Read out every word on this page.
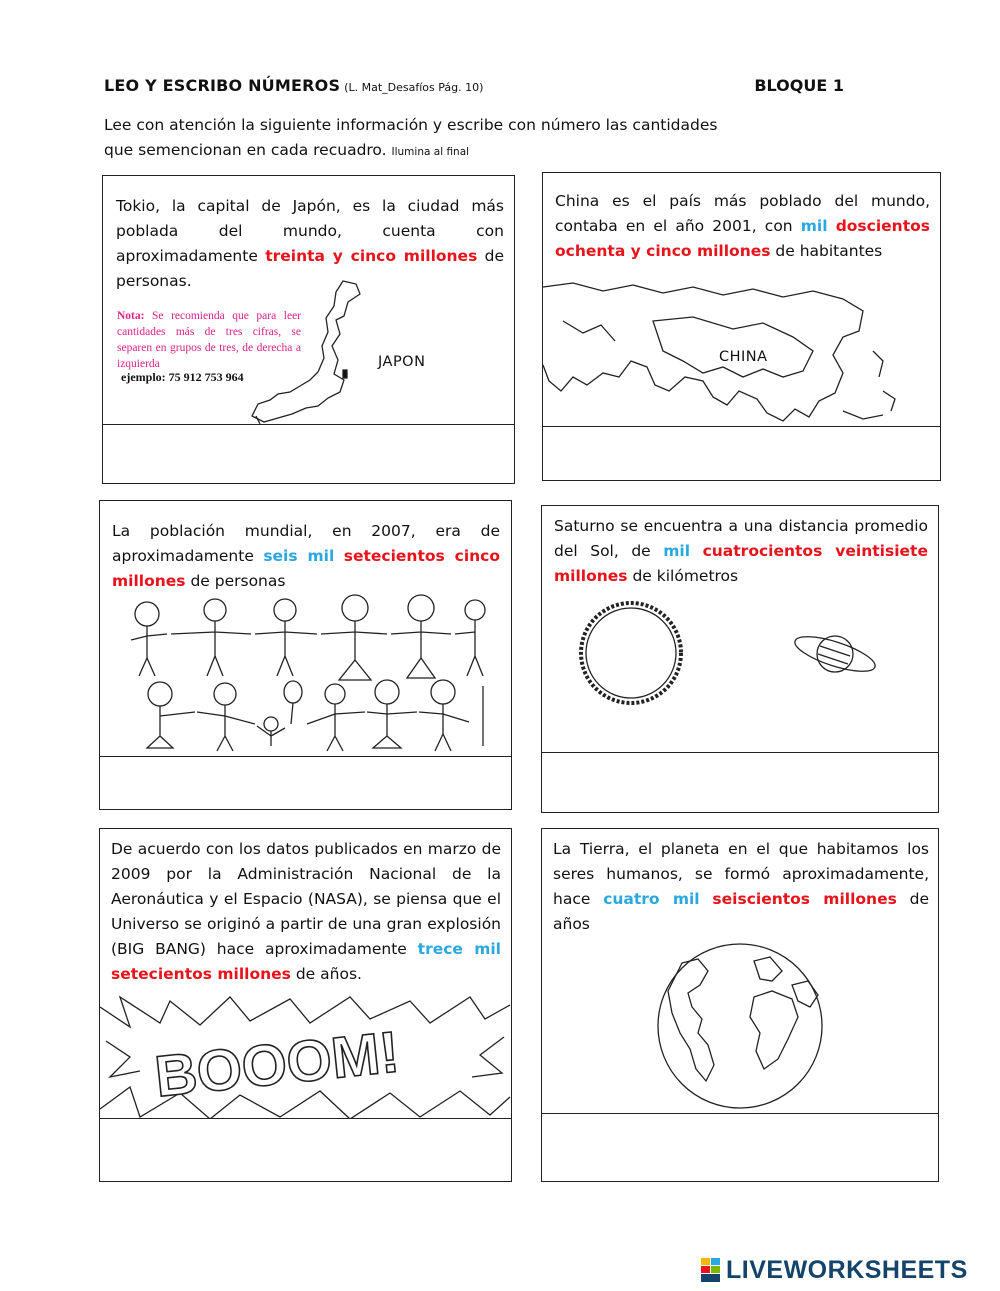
LEO Y ESCRIBO NÚMEROS (L. Mat_Desafíos Pág. 10)	BLOQUE 1
Lee con atención la siguiente información y escribe con número las cantidades
que semencionan en cada recuadro. Ilumina al final
Tokio, la capital de Japón, es la ciudad más poblada del mundo, cuenta con aproximadamente treinta y cinco millones de personas.
Nota: Se recomienda que para leer cantidades más de tres cifras, se separen en grupos de tres, de derecha a izquierda
ejemplo: 75 912 753 964
JAPON
China es el país más poblado del mundo, contaba en el año 2001, con mil doscientos ochenta y cinco millones de habitantes
CHINA
La población mundial, en 2007, era de aproximadamente seis mil setecientos cinco millones de personas
Saturno se encuentra a una distancia promedio del Sol, de mil cuatrocientos veintisiete millones de kilómetros
De acuerdo con los datos publicados en marzo de 2009 por la Administración Nacional de la Aeronáutica y el Espacio (NASA), se piensa que el Universo se originó a partir de una gran explosión (BIG BANG) hace aproximadamente trece mil setecientos millones de años.
BOOOM!
La Tierra, el planeta en el que habitamos los seres humanos, se formó aproximadamente, hace cuatro mil seiscientos millones de años
LIVEWORKSHEETS
